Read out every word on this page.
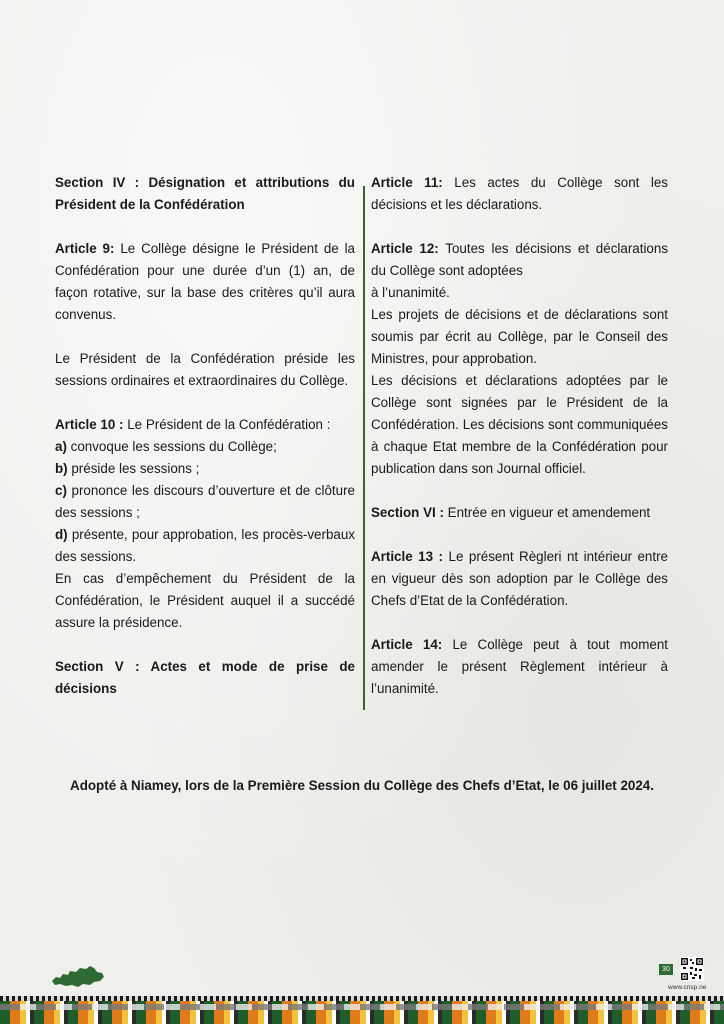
Section IV : Désignation et attributions du Président de la Confédération

Article 9: Le Collège désigne le Président de la Confédération pour une durée d’un (1) an, de façon rotative, sur la base des critères qu’il aura convenus.

Le Président de la Confédération préside les sessions ordinaires et extraordinaires du Collège.

Article 10 : Le Président de la Confédération :

a) convoque les sessions du Collège;

b) préside les sessions ;

c) prononce les discours d’ouverture et de clôture des sessions ;

d) présente, pour approbation, les procès-verbaux des sessions.

En cas d’empêchement du Président de la Confédération, le Président auquel il a succédé assure la présidence.

Section V : Actes et mode de prise de décisions

Article 11: Les actes du Collège sont les décisions et les déclarations.

Article 12: Toutes les décisions et déclarations du Collège sont adoptées

à l’unanimité.

Les projets de décisions et de déclarations sont soumis par écrit au Collège, par le Conseil des Ministres, pour approbation.

Les décisions et déclarations adoptées par le Collège sont signées par le Président de la Confédération. Les décisions sont communiquées à chaque Etat membre de la Confédération pour publication dans son Journal officiel.

Section VI : Entrée en vigueur et amendement

Article 13 : Le présent Règleri nt intérieur entre en vigueur dès son adoption par le Collège des Chefs d’Etat de la Confédération.

Article 14: Le Collège peut à tout moment amender le présent Règlement intérieur à l’unanimité.

Adopté à Niamey, lors de la Première Session du Collège des Chefs d’Etat, le 06 juillet 2024.

30
www.cnsp.ne
